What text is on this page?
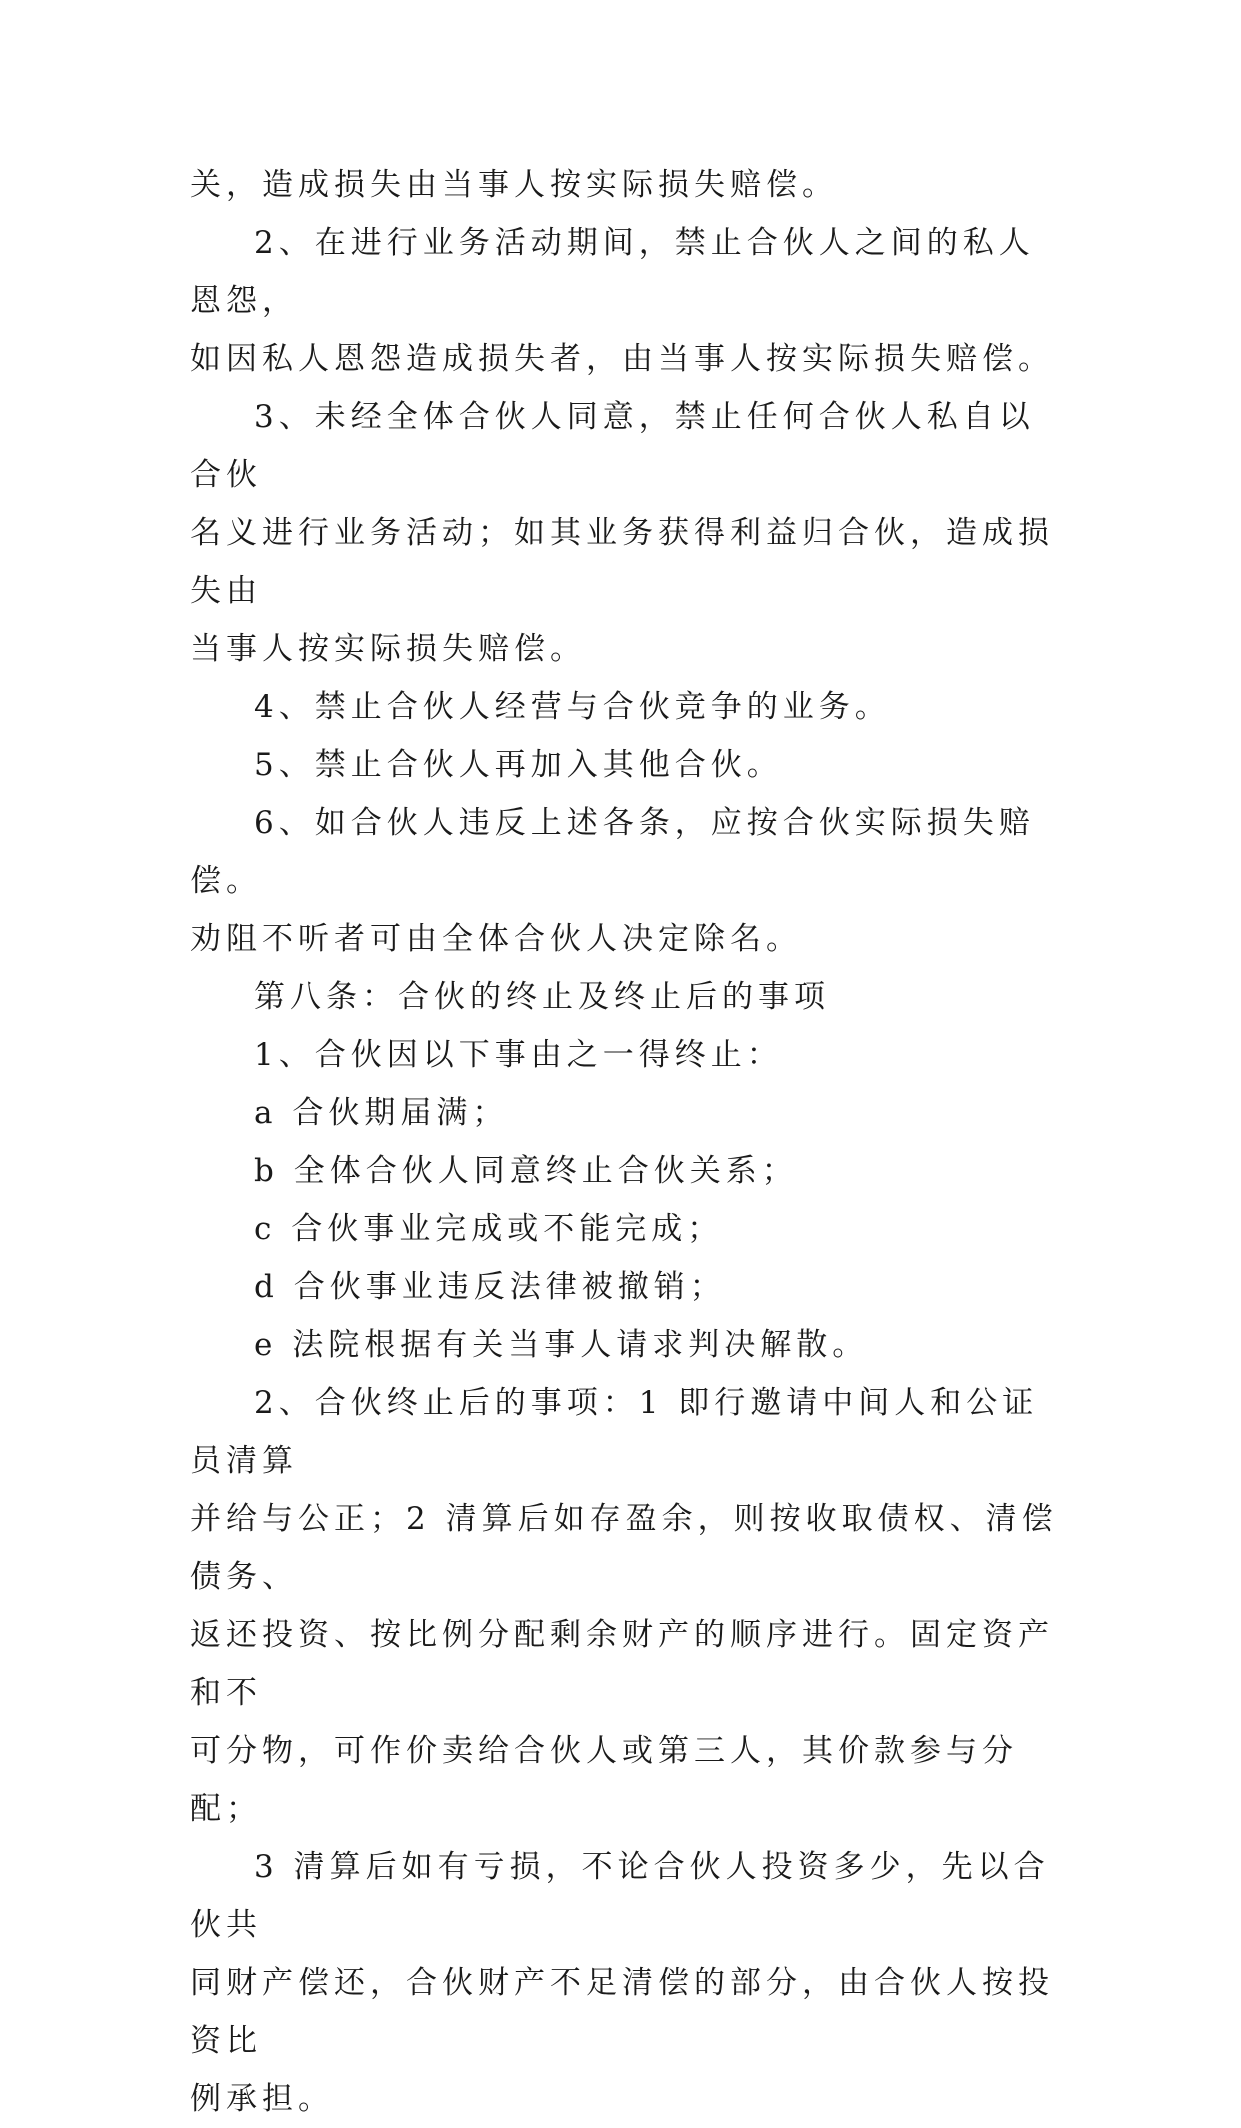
关，造成损失由当事人按实际损失赔偿。

2、在进行业务活动期间，禁止合伙人之间的私人恩怨，
如因私人恩怨造成损失者，由当事人按实际损失赔偿。

3、未经全体合伙人同意，禁止任何合伙人私自以合伙
名义进行业务活动；如其业务获得利益归合伙，造成损失由
当事人按实际损失赔偿。

4、禁止合伙人经营与合伙竞争的业务。

5、禁止合伙人再加入其他合伙。

6、如合伙人违反上述各条，应按合伙实际损失赔偿。
劝阻不听者可由全体合伙人决定除名。

第八条：合伙的终止及终止后的事项

1、合伙因以下事由之一得终止：

a 合伙期届满；

b 全体合伙人同意终止合伙关系；

c 合伙事业完成或不能完成；

d 合伙事业违反法律被撤销；

e 法院根据有关当事人请求判决解散。

2、合伙终止后的事项：1 即行邀请中间人和公证员清算
并给与公正；2 清算后如存盈余，则按收取债权、清偿债务、
返还投资、按比例分配剩余财产的顺序进行。固定资产和不
可分物，可作价卖给合伙人或第三人，其价款参与分配；

3 清算后如有亏损，不论合伙人投资多少，先以合伙共
同财产偿还，合伙财产不足清偿的部分，由合伙人按投资比
例承担。
